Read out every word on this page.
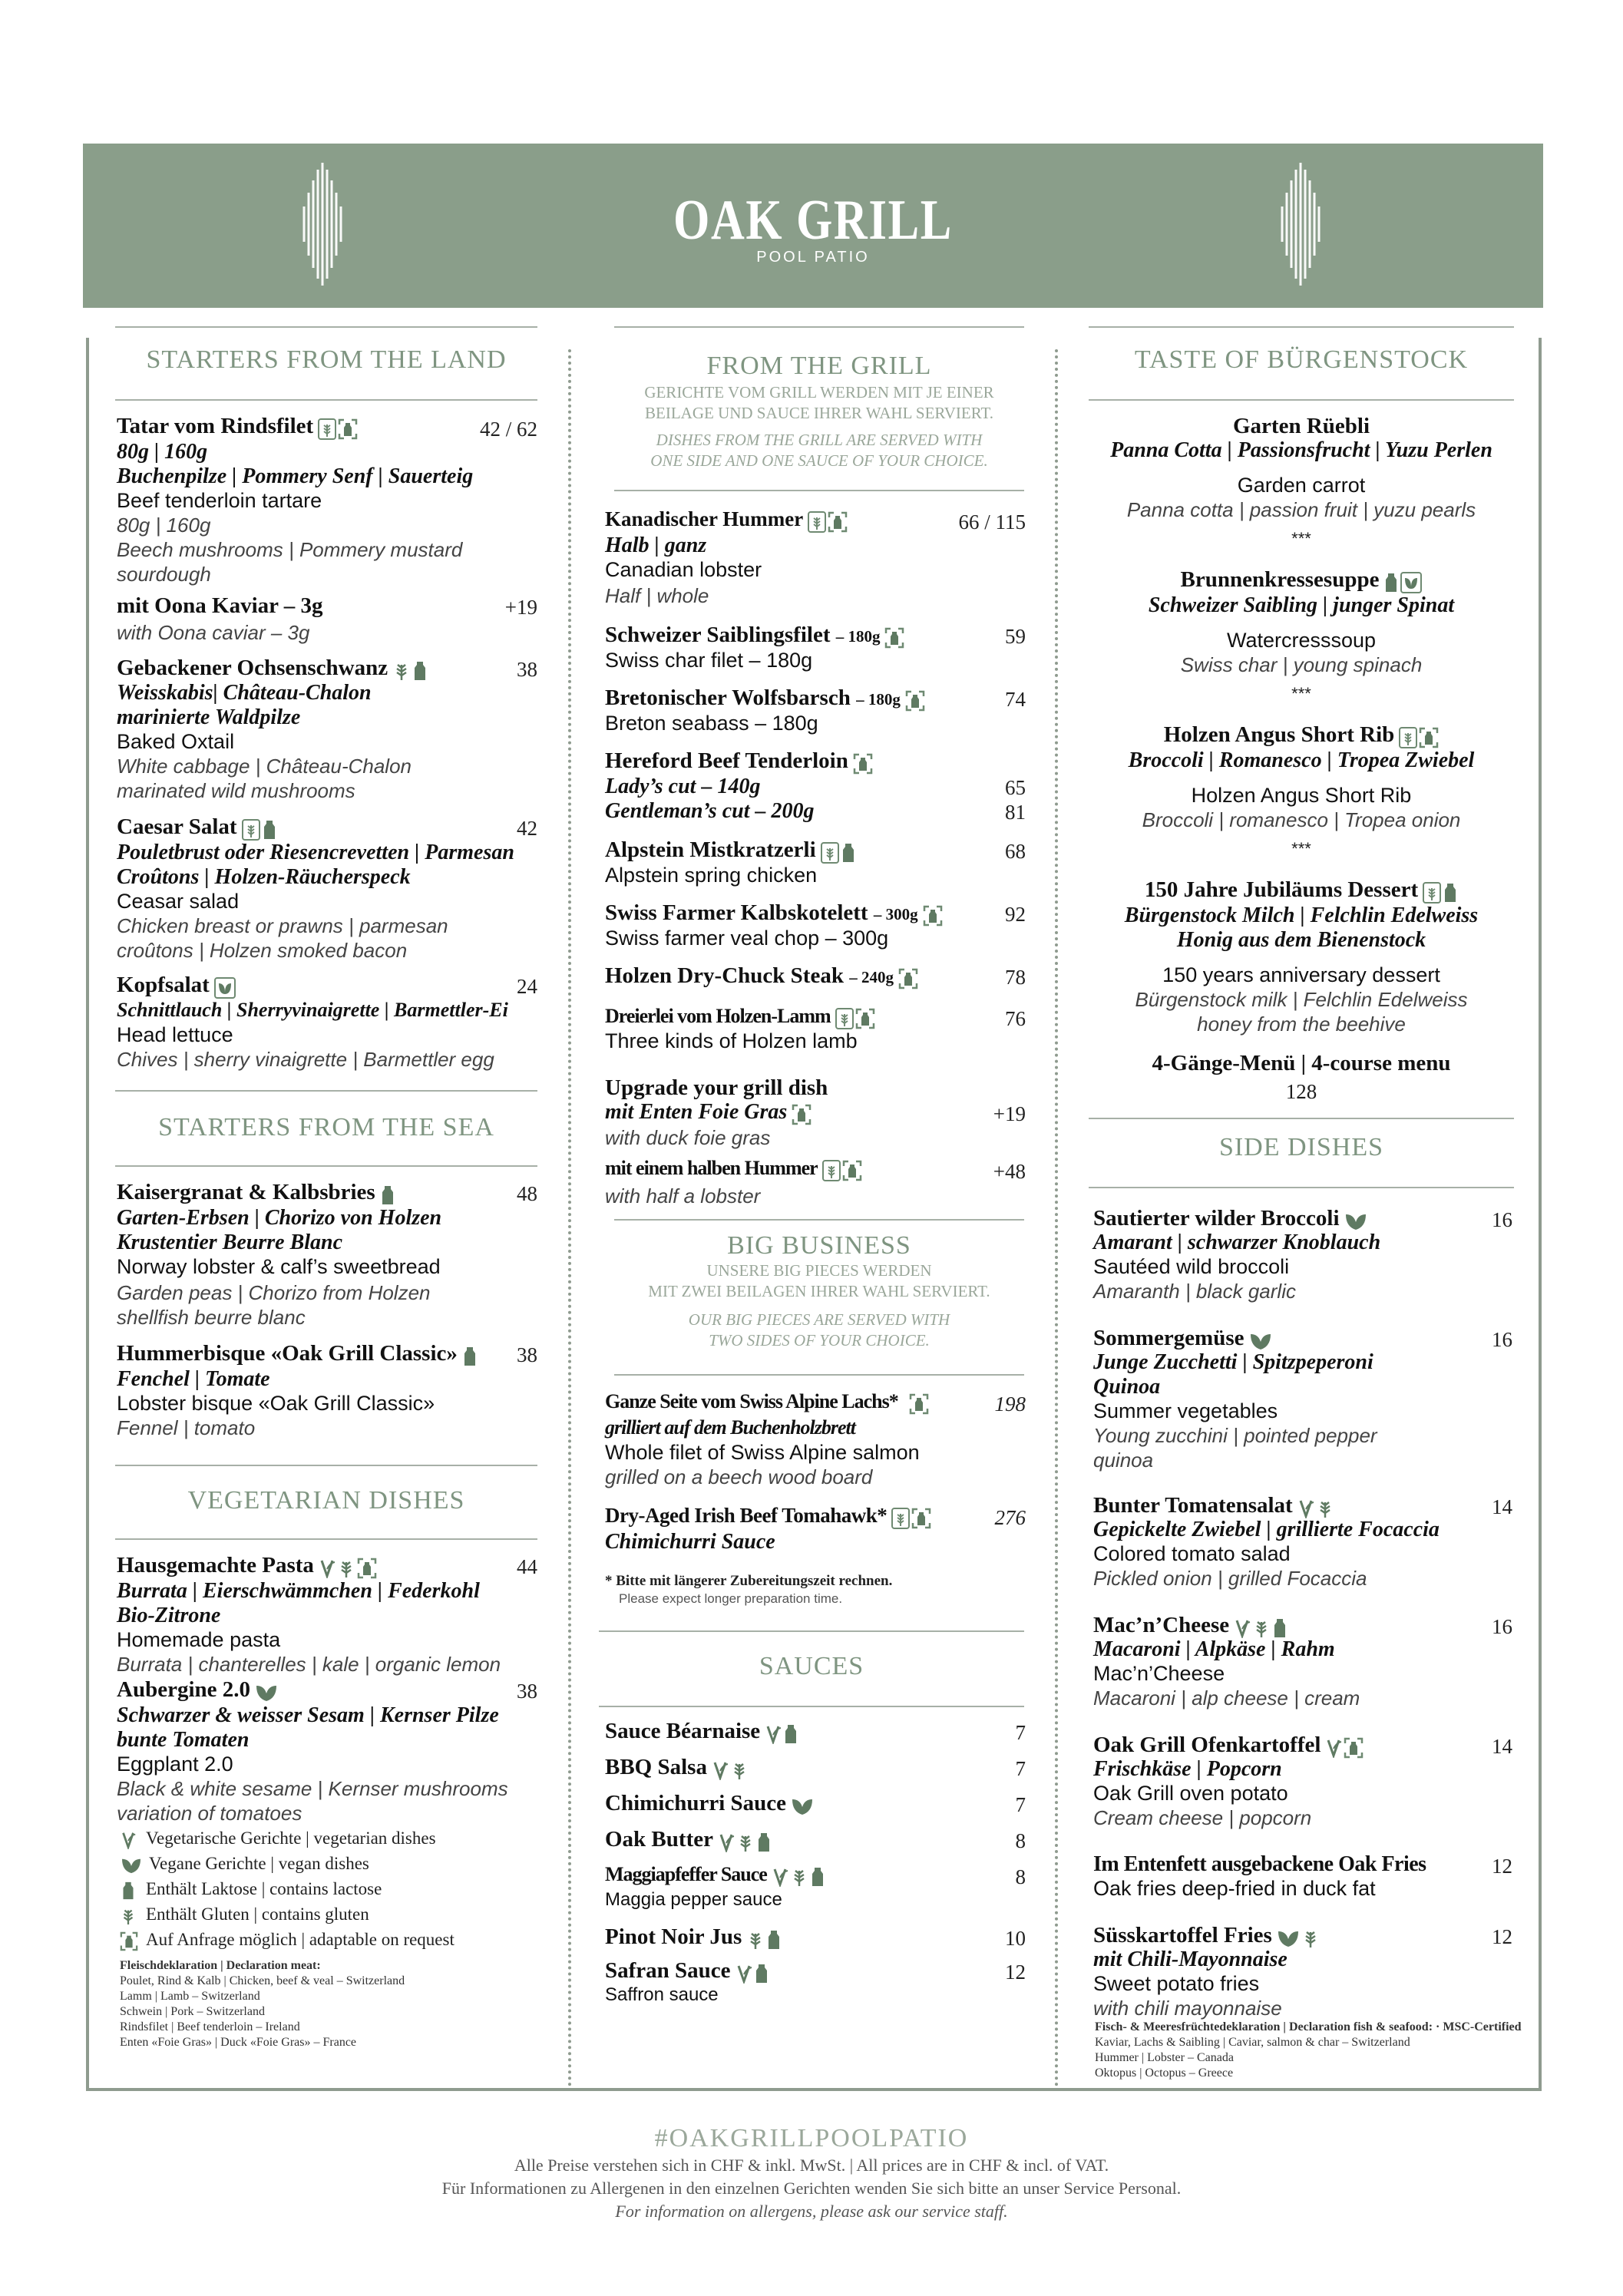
OAK GRILL
POOL PATIO
STARTERS FROM THE LAND
Tatar vom Rindsfilet	42 / 62
80g | 160g
Buchenpilze | Pommery Senf | Sauerteig
Beef tenderloin tartare
80g | 160g
Beech mushrooms | Pommery mustard
sourdough
mit Oona Kaviar – 3g	+19
with Oona caviar – 3g
Gebackener Ochsenschwanz	38
Weisskabis| Château-Chalon
marinierte Waldpilze
Baked Oxtail
White cabbage | Château-Chalon
marinated wild mushrooms
Caesar Salat	42
Pouletbrust oder Riesencrevetten | Parmesan
Croûtons | Holzen-Räucherspeck
Ceasar salad
Chicken breast or prawns | parmesan
croûtons | Holzen smoked bacon
Kopfsalat	24
Schnittlauch | Sherryvinaigrette | Barmettler-Ei
Head lettuce
Chives | sherry vinaigrette | Barmettler egg
STARTERS FROM THE SEA
Kaisergranat & Kalbsbries	48
Garten-Erbsen | Chorizo von Holzen
Krustentier Beurre Blanc
Norway lobster & calf’s sweetbread
Garden peas | Chorizo from Holzen
shellfish beurre blanc
Hummerbisque «Oak Grill Classic»	38
Fenchel | Tomate
Lobster bisque «Oak Grill Classic»
Fennel | tomato
VEGETARIAN DISHES
Hausgemachte Pasta	44
Burrata | Eierschwämmchen | Federkohl
Bio-Zitrone
Homemade pasta
Burrata | chanterelles | kale | organic lemon
Aubergine 2.0	38
Schwarzer & weisser Sesam | Kernser Pilze
bunte Tomaten
Eggplant 2.0
Black & white sesame | Kernser mushrooms
variation of tomatoes
Vegetarische Gerichte | vegetarian dishes
Vegane Gerichte | vegan dishes
Enthält Laktose | contains lactose
Enthält Gluten | contains gluten
Auf Anfrage möglich | adaptable on request
Fleischdeklaration | Declaration meat:
Poulet, Rind & Kalb | Chicken, beef & veal – Switzerland
Lamm | Lamb – Switzerland
Schwein | Pork – Switzerland
Rindsfilet | Beef tenderloin – Ireland
Enten «Foie Gras» | Duck «Foie Gras» – France
FROM THE GRILL
GERICHTE VOM GRILL WERDEN MIT JE EINER
BEILAGE UND SAUCE IHRER WAHL SERVIERT.
DISHES FROM THE GRILL ARE SERVED WITH
ONE SIDE AND ONE SAUCE OF YOUR CHOICE.
Kanadischer Hummer	66 / 115
Halb | ganz
Canadian lobster
Half | whole
Schweizer Saiblingsfilet – 180g	59
Swiss char filet – 180g
Bretonischer Wolfsbarsch – 180g	74
Breton seabass – 180g
Hereford Beef Tenderloin
Lady’s cut – 140g	65
Gentleman’s cut – 200g	81
Alpstein Mistkratzerli	68
Alpstein spring chicken
Swiss Farmer Kalbskotelett – 300g	92
Swiss farmer veal chop – 300g
Holzen Dry-Chuck Steak – 240g	78
Dreierlei vom Holzen-Lamm	76
Three kinds of Holzen lamb
Upgrade your grill dish
mit Enten Foie Gras	+19
with duck foie gras
mit einem halben Hummer	+48
with half a lobster
BIG BUSINESS
UNSERE BIG PIECES WERDEN
MIT ZWEI BEILAGEN IHRER WAHL SERVIERT.
OUR BIG PIECES ARE SERVED WITH
TWO SIDES OF YOUR CHOICE.
Ganze Seite vom Swiss Alpine Lachs*	198
grilliert auf dem Buchenholzbrett
Whole filet of Swiss Alpine salmon
grilled on a beech wood board
Dry-Aged Irish Beef Tomahawk*	276
Chimichurri Sauce
* Bitte mit längerer Zubereitungszeit rechnen.
Please expect longer preparation time.
SAUCES
Sauce Béarnaise	7
BBQ Salsa	7
Chimichurri Sauce	7
Oak Butter	8
Maggiapfeffer Sauce	8
Maggia pepper sauce
Pinot Noir Jus	10
Safran Sauce	12
Saffron sauce
TASTE OF BÜRGENSTOCK
Garten Rüebli
Panna Cotta | Passionsfrucht | Yuzu Perlen
Garden carrot
Panna cotta | passion fruit | yuzu pearls
***
Brunnenkressesuppe
Schweizer Saibling | junger Spinat
Watercresssoup
Swiss char | young spinach
***
Holzen Angus Short Rib
Broccoli | Romanesco | Tropea Zwiebel
Holzen Angus Short Rib
Broccoli | romanesco | Tropea onion
***
150 Jahre Jubiläums Dessert
Bürgenstock Milch | Felchlin Edelweiss
Honig aus dem Bienenstock
150 years anniversary dessert
Bürgenstock milk | Felchlin Edelweiss
honey from the beehive
4-Gänge-Menü | 4-course menu
128
SIDE DISHES
Sautierter wilder Broccoli	16
Amarant | schwarzer Knoblauch
Sautéed wild broccoli
Amaranth | black garlic
Sommergemüse	16
Junge Zucchetti | Spitzpeperoni
Quinoa
Summer vegetables
Young zucchini | pointed pepper
quinoa
Bunter Tomatensalat	14
Gepickelte Zwiebel | grillierte Focaccia
Colored tomato salad
Pickled onion | grilled Focaccia
Mac’n’Cheese	16
Macaroni | Alpkäse | Rahm
Mac’n’Cheese
Macaroni | alp cheese | cream
Oak Grill Ofenkartoffel	14
Frischkäse | Popcorn
Oak Grill oven potato
Cream cheese | popcorn
Im Entenfett ausgebackene Oak Fries	12
Oak fries deep-fried in duck fat
Süsskartoffel Fries	12
mit Chili-Mayonnaise
Sweet potato fries
with chili mayonnaise
Fisch- & Meeresfrüchtedeklaration | Declaration fish & seafood: · MSC-Certified
Kaviar, Lachs & Saibling | Caviar, salmon & char – Switzerland
Hummer | Lobster – Canada
Oktopus | Octopus – Greece
#OAKGRILLPOOLPATIO
Alle Preise verstehen sich in CHF & inkl. MwSt. | All prices are in CHF & incl. of VAT.
Für Informationen zu Allergenen in den einzelnen Gerichten wenden Sie sich bitte an unser Service Personal.
For information on allergens, please ask our service staff.
